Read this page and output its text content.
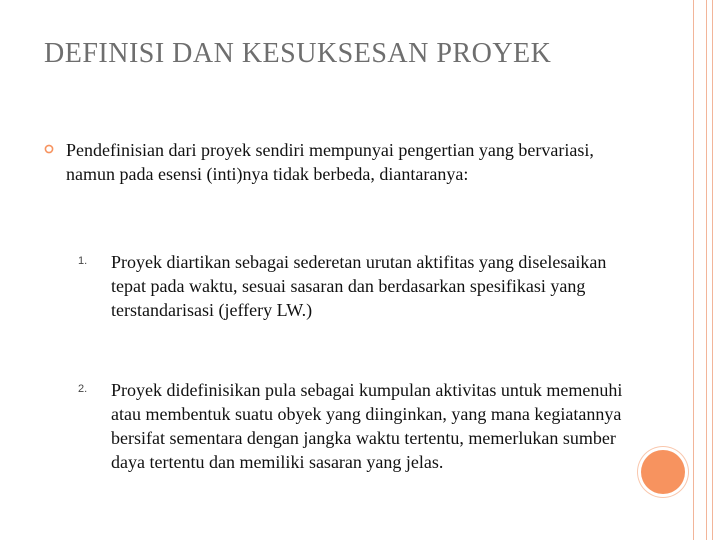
DEFINISI DAN KESUKSESAN PROYEK

Pendefinisian dari proyek sendiri mempunyai pengertian yang bervariasi, namun pada esensi (inti)nya tidak berbeda, diantaranya:

1. Proyek diartikan sebagai sederetan urutan aktifitas yang diselesaikan tepat pada waktu, sesuai sasaran dan berdasarkan spesifikasi yang terstandarisasi (jeffery LW.)

2. Proyek didefinisikan pula sebagai kumpulan aktivitas untuk memenuhi atau membentuk suatu obyek yang diinginkan, yang mana kegiatannya bersifat sementara dengan jangka waktu tertentu, memerlukan sumber daya tertentu dan memiliki sasaran yang jelas.
